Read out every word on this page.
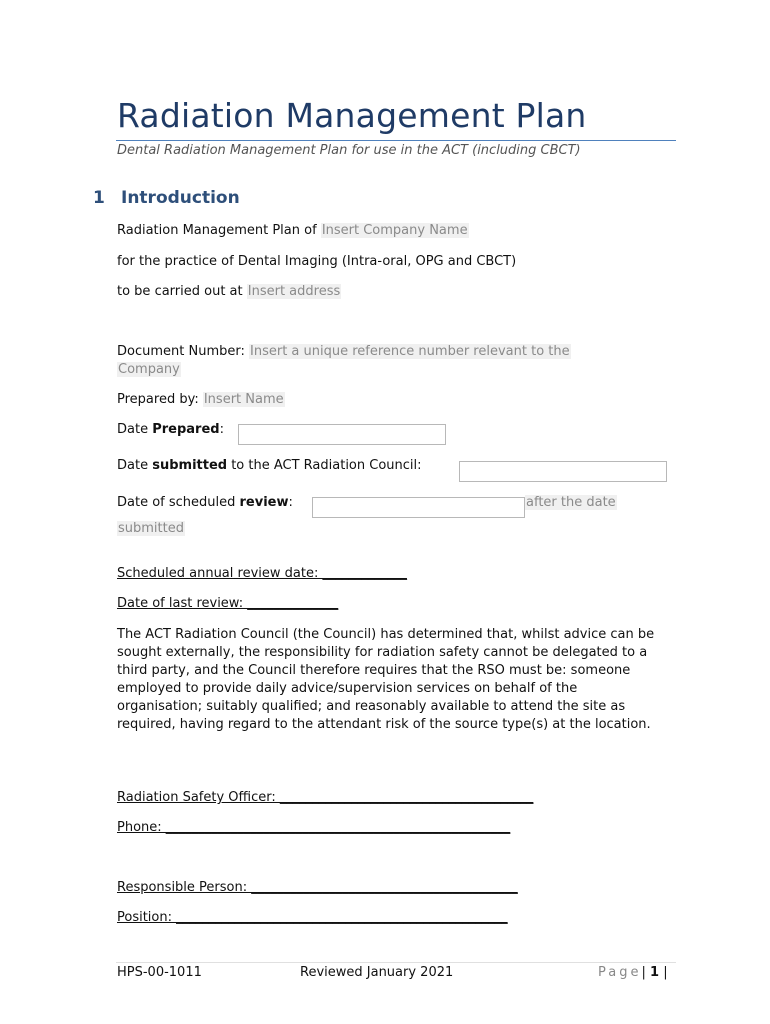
Radiation Management Plan
Dental Radiation Management Plan for use in the ACT (including CBCT)
1 Introduction
Radiation Management Plan of Insert Company Name
for the practice of Dental Imaging (Intra-oral, OPG and CBCT)
to be carried out at Insert address
Document Number: Insert a unique reference number relevant to the
Company
Prepared by: Insert Name
Date Prepared:
Date submitted to the ACT Radiation Council:
Date of scheduled review:	after the date
submitted
Scheduled annual review date: _____________
Date of last review: ______________
The ACT Radiation Council (the Council) has determined that, whilst advice can be sought externally, the responsibility for radiation safety cannot be delegated to a third party, and the Council therefore requires that the RSO must be: someone employed to provide daily advice/supervision services on behalf of the organisation; suitably qualified; and reasonably available to attend the site as required, having regard to the attendant risk of the source type(s) at the location.
Radiation Safety Officer: _______________________________________
Phone: _____________________________________________________
Responsible Person: _________________________________________
Position: ___________________________________________________
HPS-00-1011	Reviewed January 2021	Page| 1 |
